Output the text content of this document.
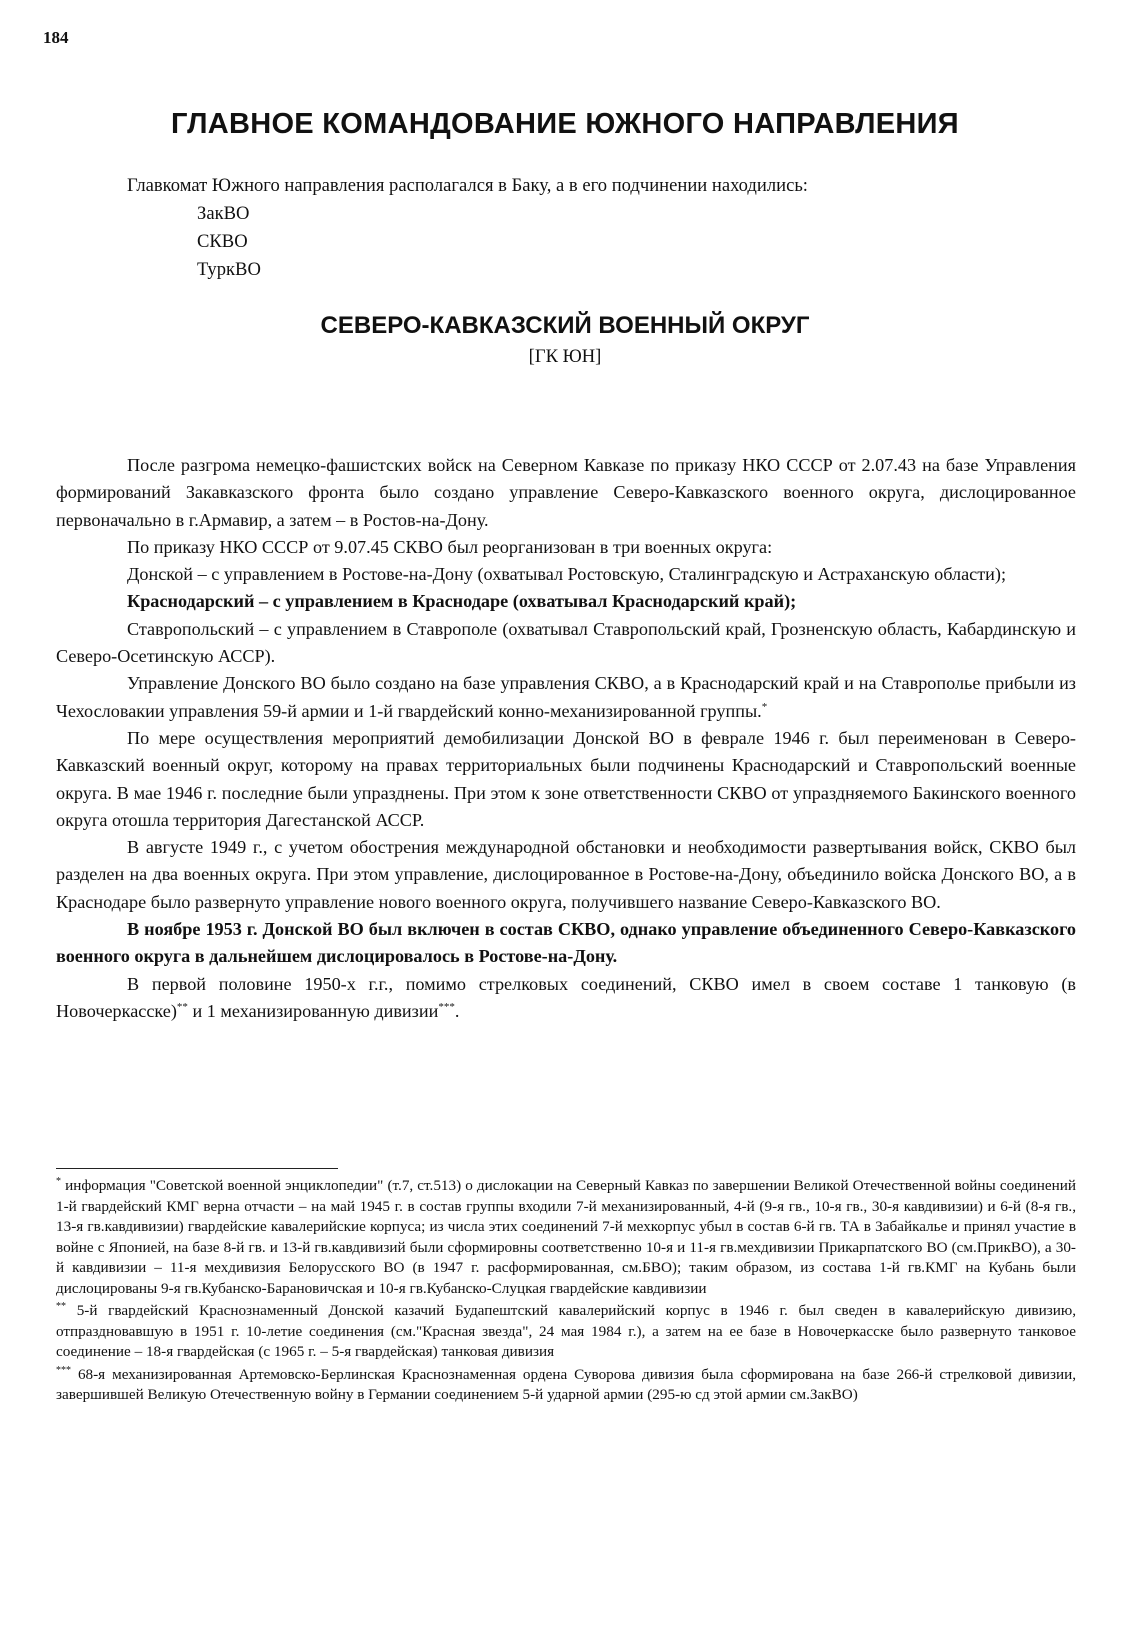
184
ГЛАВНОЕ КОМАНДОВАНИЕ ЮЖНОГО НАПРАВЛЕНИЯ
Главкомат Южного направления располагался в Баку, а в его подчинении находились:
ЗакВО
СКВО
ТуркВО
СЕВЕРО-КАВКАЗСКИЙ ВОЕННЫЙ ОКРУГ
[ГК ЮН]

После разгрома немецко-фашистских войск на Северном Кавказе по приказу НКО СССР от 2.07.43 на базе Управления формирований Закавказского фронта было создано управление Северо-Кавказского военного округа, дислоцированное первоначально в г.Армавир, а затем – в Ростов-на-Дону.

По приказу НКО СССР от 9.07.45 СКВО был реорганизован в три военных округа:

Донской – с управлением в Ростове-на-Дону (охватывал Ростовскую, Сталинградскую и Астраханскую области);

Краснодарский – с управлением в Краснодаре (охватывал Краснодарский край);

Ставропольский – с управлением в Ставрополе (охватывал Ставропольский край, Грозненскую область, Кабардинскую и Северо-Осетинскую АССР).

Управление Донского ВО было создано на базе управления СКВО, а в Краснодарский край и на Ставрополье прибыли из Чехословакии управления 59-й армии и 1-й гвардейский конно-механизированной группы.*

По мере осуществления мероприятий демобилизации Донской ВО в феврале 1946 г. был переименован в Северо-Кавказский военный округ, которому на правах территориальных были подчинены Краснодарский и Ставропольский военные округа. В мае 1946 г. последние были упразднены. При этом к зоне ответственности СКВО от упраздняемого Бакинского военного округа отошла территория Дагестанской АССР.

В августе 1949 г., с учетом обострения международной обстановки и необходимости развертывания войск, СКВО был разделен на два военных округа. При этом управление, дислоцированное в Ростове-на-Дону, объединило войска Донского ВО, а в Краснодаре было развернуто управление нового военного округа, получившего название Северо-Кавказского ВО.

В ноябре 1953 г. Донской ВО был включен в состав СКВО, однако управление объединенного Северо-Кавказского военного округа в дальнейшем дислоцировалось в Ростове-на-Дону.

В первой половине 1950-х г.г., помимо стрелковых соединений, СКВО имел в своем составе 1 танковую (в Новочеркасске)** и 1 механизированную дивизии***.

* информация "Советской военной энциклопедии" (т.7, ст.513) о дислокации на Северный Кавказ по завершении Великой Отечественной войны соединений 1-й гвардейский КМГ верна отчасти – на май 1945 г. в состав группы входили 7-й механизированный, 4-й (9-я гв., 10-я гв., 30-я кавдивизии) и 6-й (8-я гв., 13-я гв.кавдивизии) гвардейские кавалерийские корпуса; из числа этих соединений 7-й мехкорпус убыл в состав 6-й гв. ТА в Забайкалье и принял участие в войне с Японией, на базе 8-й гв. и 13-й гв.кавдивизий были сформировны соответственно 10-я и 11-я гв.мехдивизии Прикарпатского ВО (см.ПрикВО), а 30-й кавдивизии – 11-я мехдивизия Белорусского ВО (в 1947 г. расформированная, см.БВО); таким образом, из состава 1-й гв.КМГ на Кубань были дислоцированы 9-я гв.Кубанско-Барановичская и 10-я гв.Кубанско-Слуцкая гвардейские кавдивизии

** 5-й гвардейский Краснознаменный Донской казачий Будапештский кавалерийский корпус в 1946 г. был сведен в кавалерийскую дивизию, отпраздновавшую в 1951 г. 10-летие соединения (см."Красная звезда", 24 мая 1984 г.), а затем на ее базе в Новочеркасске было развернуто танковое соединение – 18-я гвардейская (с 1965 г. – 5-я гвардейская) танковая дивизия

*** 68-я механизированная Артемовско-Берлинская Краснознаменная ордена Суворова дивизия была сформирована на базе 266-й стрелковой дивизии, завершившей Великую Отечественную войну в Германии соединением 5-й ударной армии (295-ю сд этой армии см.ЗакВО)
